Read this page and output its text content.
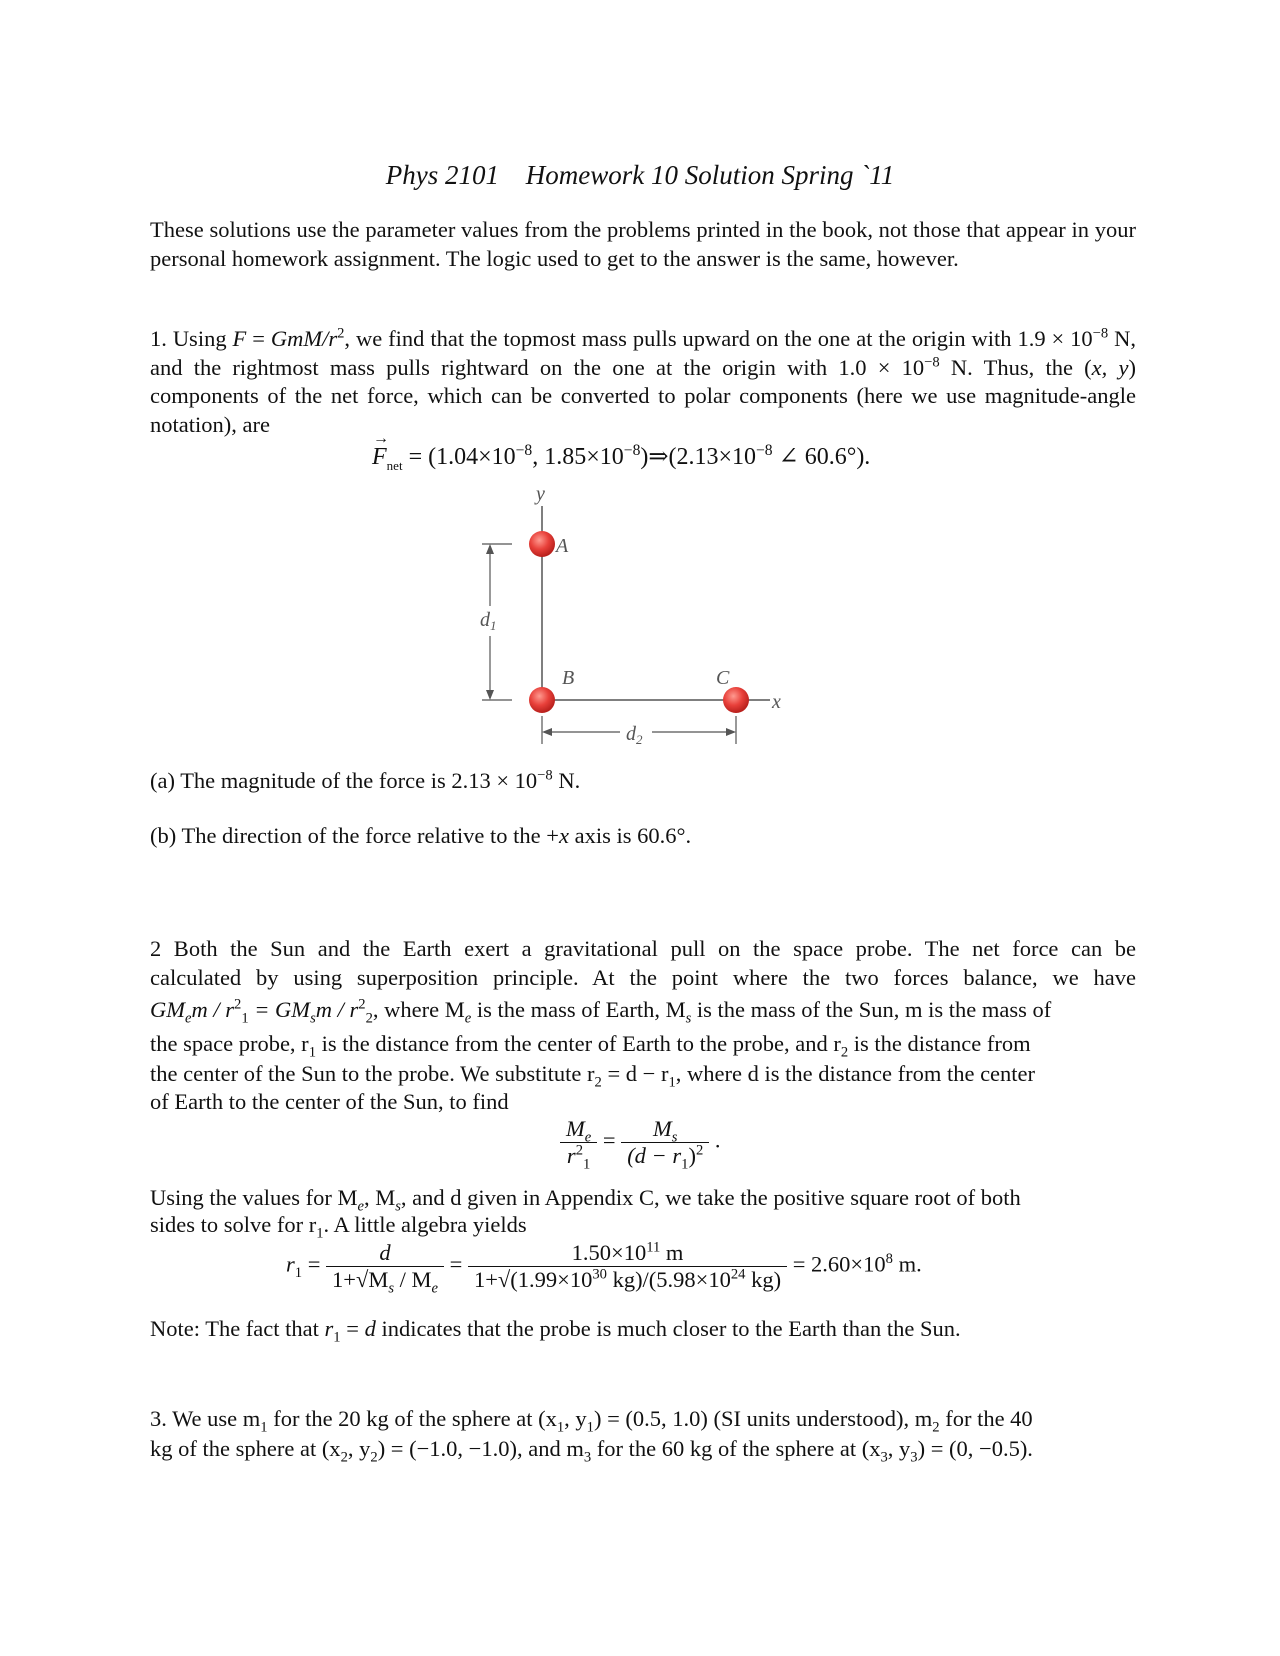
Phys 2101 Homework 10 Solution Spring `11

These solutions use the parameter values from the problems printed in the book, not those that appear in your personal homework assignment. The logic used to get to the answer is the same, however.

1. Using F = GmM/$r^2$, we find that the topmost mass pulls upward on the one at the origin with $1.9 \times 10^{-8}$ N, and the rightmost mass pulls rightward on the one at the origin with $1.0 \times 10^{-8}$ N. Thus, the (x, y) components of the net force, which can be converted to polar components (here we use magnitude-angle notation), are

F
→
$_{net} = (1.04\times 10^{-8}$, $1.85\times 10^{-8})\Rightarrow(2.13\times 10^{-8}$ ∠ 60.6°).
$d_1$
$d_2$
y
x
A
B	C
(a) The magnitude of the force is $2.13 \times 10^{-8}$ N.
(b) The direction of the force relative to the +x axis is 60.6°.
2 Both the Sun and the Earth exert a gravitational pull on the space probe. The net force can be
calculated by using superposition principle. At the point where the two forces balance, we have
$GM_em / r^2_1 = GM_sm / r^2_2$, where $M_e$ is the mass of Earth, $M_s$ is the mass of the Sun, m is the mass of
the space probe, $r_1$ is the distance from the center of Earth to the probe, and $r_2$ is the distance from
the center of the Sun to the probe. We substitute $r_2 = d - r_1$, where d is the distance from the center
of Earth to the center of the Sun, to find
$\frac{M_e}{r^2_1} = \frac{M_s}{(d - r_1)^2}$ .
Using the values for $M_e$, $M_s$, and d given in Appendix C, we take the positive square root of both
sides to solve for $r_1$. A little algebra yields
$r_1 = \frac{d}{1+√M_s / M_e} = \frac{1.50\times 10^{11} m}{1+√(1.99\times 10^{30} kg)/(5.98\times 10^{24} kg)} = 2.60\times 10^8$ m.
Note: The fact that $r_1 = d$ indicates that the probe is much closer to the Earth than the Sun.
3. We use $m_1$ for the 20 kg of the sphere at ($x_1$, $y_1) = (0.5$, 1.0) (SI units understood), $m_2$ for the 40
kg of the sphere at ($x_2$, $y_2) = (-1.0$, −1.0), and $m_3$ for the 60 kg of the sphere at ($x_3$, $y_3) = (0$, −0.5).
